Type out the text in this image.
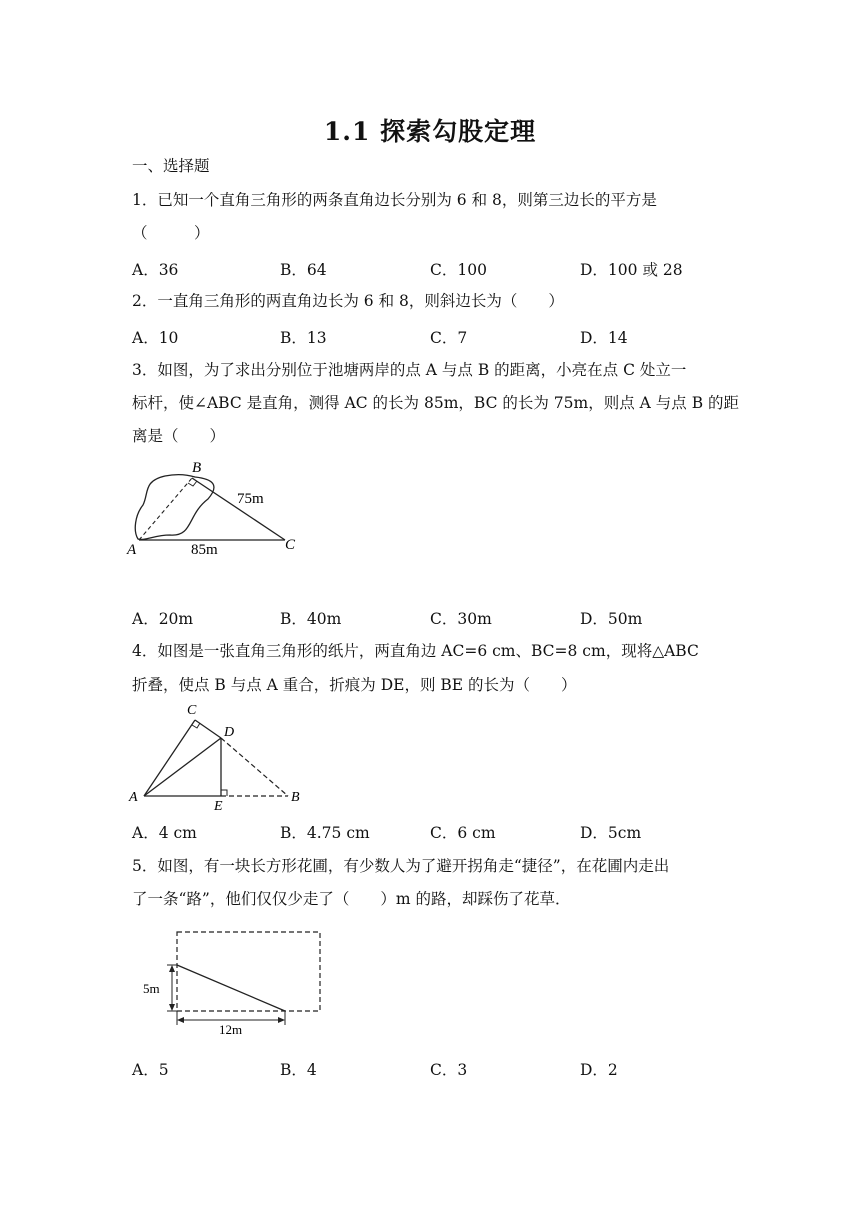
1.1 探索勾股定理
一、选择题
1．已知一个直角三角形的两条直角边长分别为 6 和 8，则第三边长的平方是
（　　　）
A．36	B．64	C．100	D．100 或 28
2．一直角三角形的两直角边长为 6 和 8，则斜边长为（　　）
A．10	B．13	C．7	D．14
3．如图，为了求出分别位于池塘两岸的点 A 与点 B 的距离，小亮在点 C 处立一
标杆，使∠ABC 是直角，测得 AC 的长为 85m，BC 的长为 75m，则点 A 与点 B 的距
离是（　　）
B
A	C
75m
85m
A．20m	B．40m	C．30m	D．50m
4．如图是一张直角三角形的纸片，两直角边 AC=6 cm、BC=8 cm，现将△ABC
折叠，使点 B 与点 A 重合，折痕为 DE，则 BE 的长为（　　）
C
D
A
E
B
A．4 cm	B．4.75 cm	C．6 cm	D．5cm
5．如图，有一块长方形花圃，有少数人为了避开拐角走“捷径”，在花圃内走出
了一条“路”，他们仅仅少走了（　　）m 的路，却踩伤了花草．
5m
12m
A．5	B．4	C．3	D．2
